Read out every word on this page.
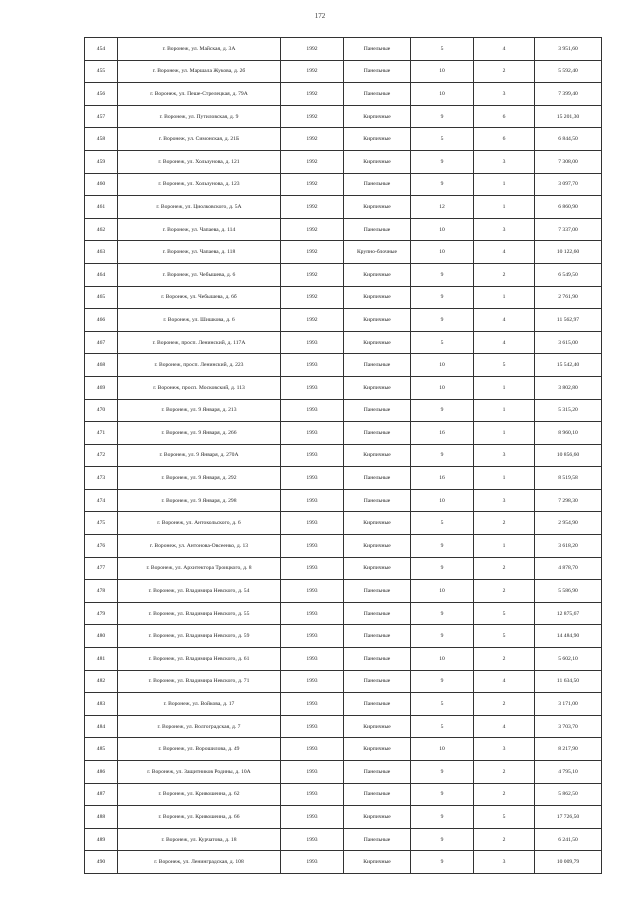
172
454	г. Воронеж, ул. Майская, д. 3А	1992	Панельные	5	4	3 951,60
455	г. Воронеж, ул. Маршала Жукова, д. 2б	1992	Панельные	10	2	5 592,40
456	г. Воронеж, ул. Пешe-Стрелецкая, д. 79А	1992	Панельные	10	3	7 399,40
457	г. Воронеж, ул. Путиловская, д. 9	1992	Кирпичные	9	6	15 201,30
458	г. Воронеж, ул. Симонская, д. 21Б	1992	Кирпичные	5	6	6 844,50
459	г. Воронеж, ул. Хользунова, д. 121	1992	Кирпичные	9	3	7 308,00
460	г. Воронеж, ул. Хользунова, д. 123	1992	Панельные	9	1	3 097,70
461	г. Воронеж, ул. Циолковского, д. 5А	1992	Кирпичные	12	1	6 860,90
462	г. Воронеж, ул. Чапаева, д. 114	1992	Панельные	10	3	7 337,00
463	г. Воронеж, ул. Чапаева, д. 118	1992	Крупно-блочные	10	4	10 122,60
464	г. Воронеж, ул. Чебышева, д. 6	1992	Кирпичные	9	2	6 549,50
465	г. Воронеж, ул. Чебышева, д. 6б	1992	Кирпичные	9	1	2 761,90
466	г. Воронеж, ул. Шишкова, д. 6	1992	Кирпичные	9	4	11 562,97
467	г. Воронеж, просп. Ленинский, д. 117А	1993	Кирпичные	5	4	3 615,00
468	г. Воронеж, просп. Ленинский, д. 223	1993	Панельные	10	5	15 542,40
469	г. Воронеж, просп. Московский, д. 113	1993	Кирпичные	10	1	3 802,80
470	г. Воронеж, ул. 9 Января, д. 213	1993	Панельные	9	1	5 315,20
471	г. Воронеж, ул. 9 Января, д. 266	1993	Панельные	16	1	8 960,10
472	г. Воронеж, ул. 9 Января, д. 270А	1993	Кирпичные	9	3	10 856,60
473	г. Воронеж, ул. 9 Января, д. 292	1993	Панельные	16	1	8 519,58
474	г. Воронеж, ул. 9 Января, д. 298	1993	Панельные	10	3	7 298,30
475	г. Воронеж, ул. Антокольского, д. 6	1993	Кирпичные	5	2	2 954,90
476	г. Воронеж, ул. Антонова-Овсеенко, д. 13	1993	Кирпичные	9	1	3 618,20
477	г. Воронеж, ул. Архитектора Троицкого, д. 8	1993	Кирпичные	9	2	4 878,70
478	г. Воронеж, ул. Владимира Невского, д. 54	1993	Панельные	10	2	5 586,90
479	г. Воронеж, ул. Владимира Невского, д. 55	1993	Панельные	9	5	12 875,67
480	г. Воронеж, ул. Владимира Невского, д. 59	1993	Панельные	9	5	14 484,90
481	г. Воронеж, ул. Владимира Невского, д. 61	1993	Панельные	10	2	5 602,10
482	г. Воронеж, ул. Владимира Невского, д. 71	1993	Панельные	9	4	11 634,50
483	г. Воронеж, ул. Войкова, д. 17	1993	Панельные	5	2	3 171,00
484	г. Воронеж, ул. Волгоградская, д. 7	1993	Кирпичные	5	4	3 703,70
485	г. Воронеж, ул. Ворошилова, д. 49	1993	Кирпичные	10	3	8 217,90
486	г. Воронеж, ул. Защитников Родины, д. 10А	1993	Панельные	9	2	4 795,10
487	г. Воронеж, ул. Кривошеина, д. 62	1993	Панельные	9	2	5 862,50
488	г. Воронеж, ул. Кривошеина, д. 66	1993	Кирпичные	9	5	17 726,50
489	г. Воронеж, ул. Курчатова, д. 18	1993	Панельные	9	2	6 241,50
490	г. Воронеж, ул. Ленинградская, д. 108	1993	Кирпичные	9	3	10 009,79
